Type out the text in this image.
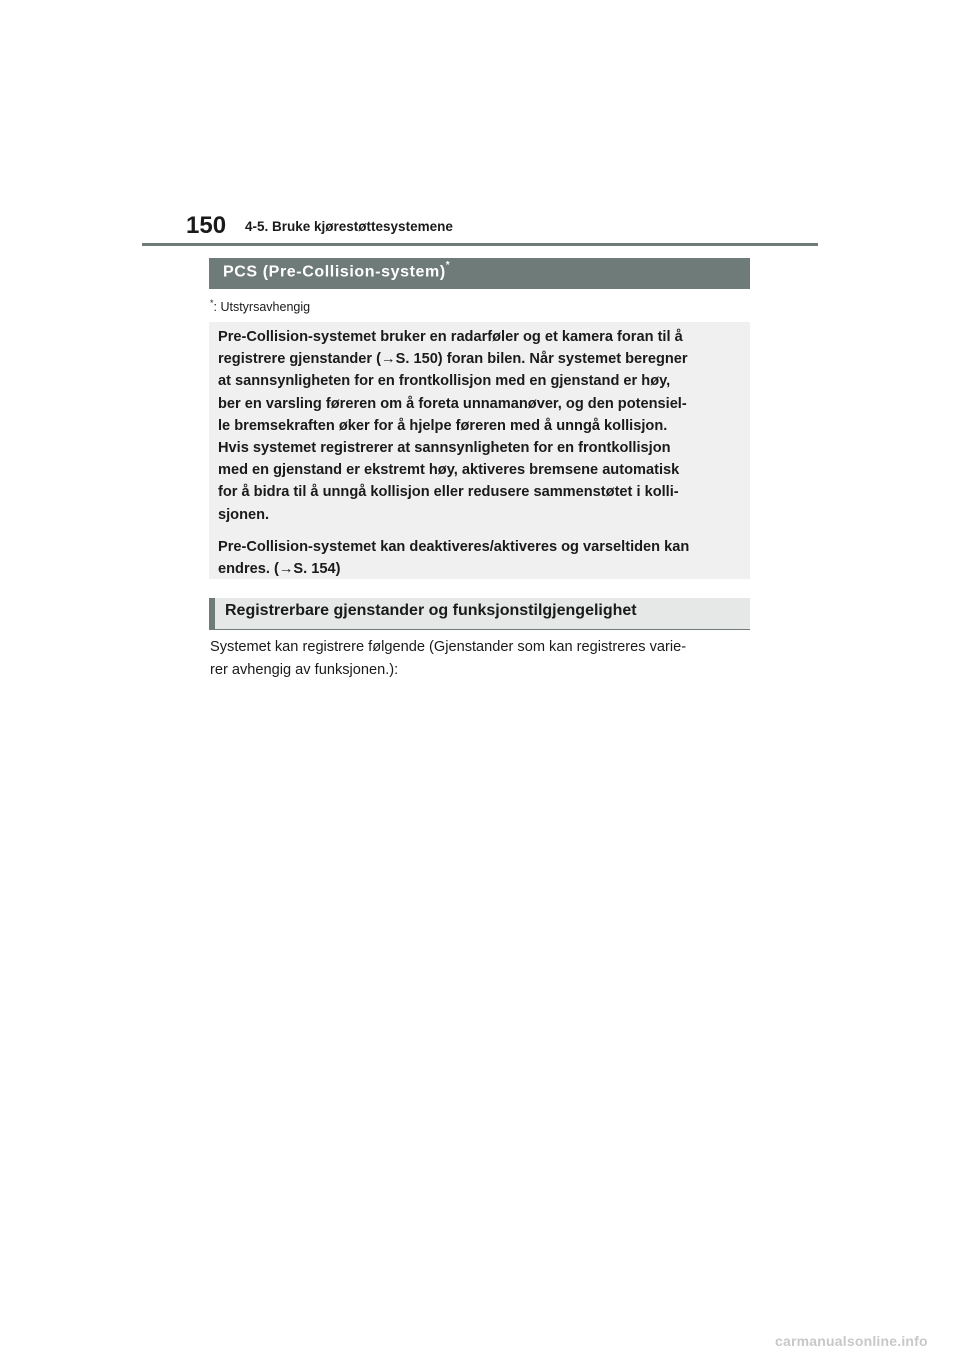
150 4-5. Bruke kjørestøttesystemene
PCS (Pre-Collision-system)*
*: Utstyrsavhengig

Pre-Collision-systemet bruker en radarføler og et kamera foran til å

registrere gjenstander (→S. 150) foran bilen. Når systemet beregner

at sannsynligheten for en frontkollisjon med en gjenstand er høy,

ber en varsling føreren om å foreta unnamanøver, og den potensiel-

le bremsekraften øker for å hjelpe føreren med å unngå kollisjon.

Hvis systemet registrerer at sannsynligheten for en frontkollisjon

med en gjenstand er ekstremt høy, aktiveres bremsene automatisk

for å bidra til å unngå kollisjon eller redusere sammenstøtet i kolli-

sjonen.

Pre-Collision-systemet kan deaktiveres/aktiveres og varseltiden kan

endres. (→S. 154)

Registrerbare gjenstander og funksjonstilgjengelighet

Systemet kan registrere følgende (Gjenstander som kan registreres varie-

rer avhengig av funksjonen.):

carmanualsonline.info
